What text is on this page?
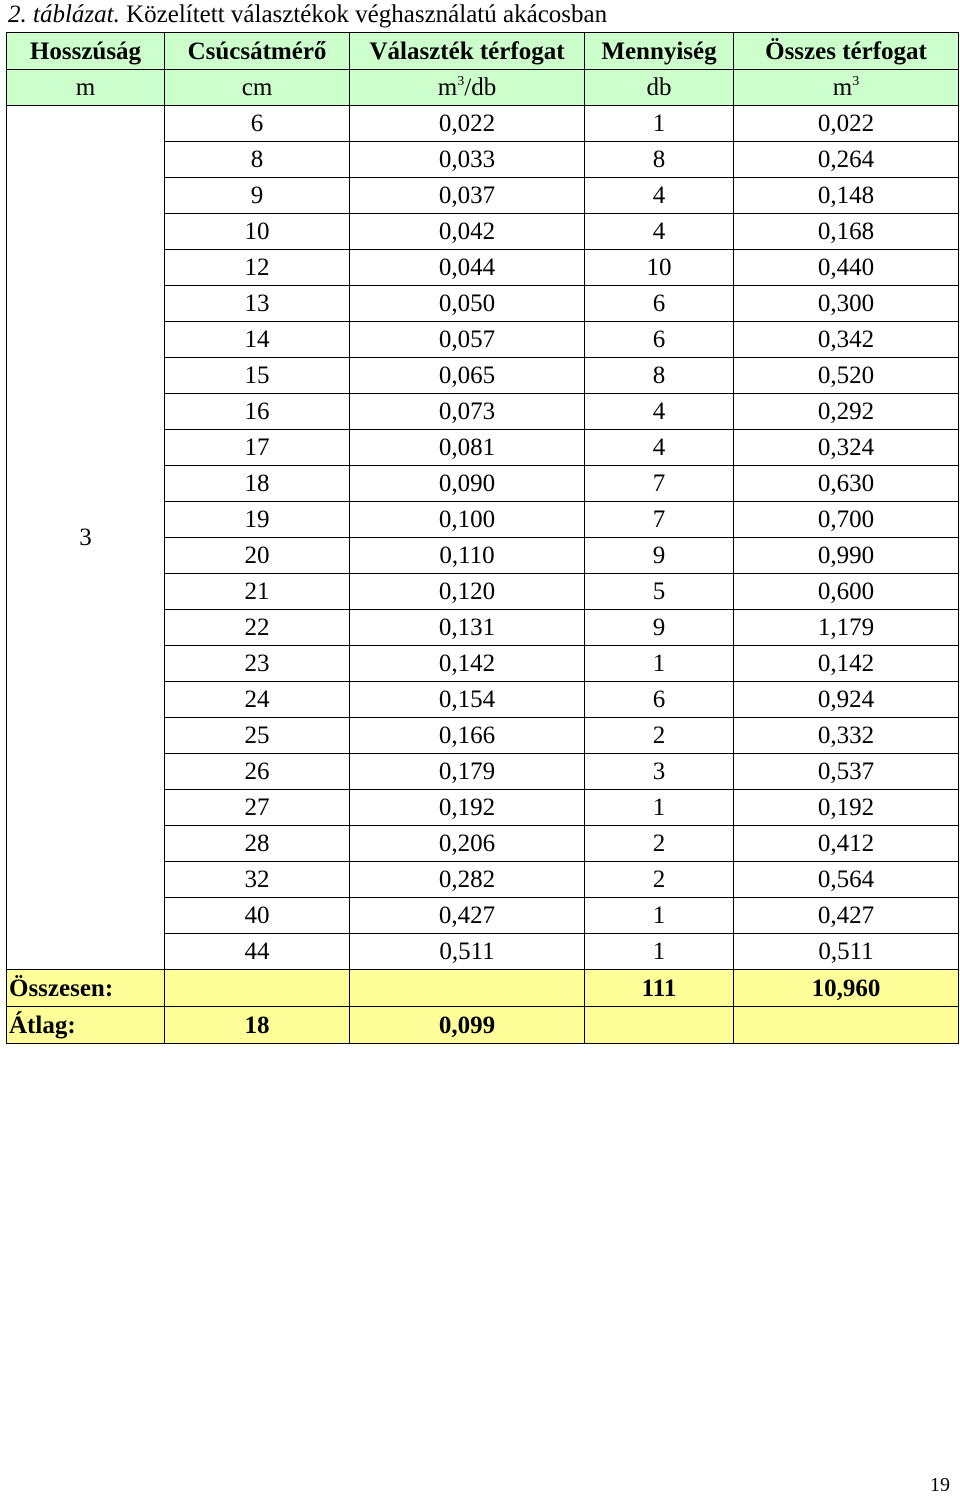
2. táblázat. Közelített választékok véghasználatú akácosban
Hosszúság	Csúcsátmérő	Választék térfogat	Mennyiség	Összes térfogat
m	cm	$m^3/db$	db	$m^3$
3	6	0,022	1	0,022
	8	0,033	8	0,264
	9	0,037	4	0,148
	10	0,042	4	0,168
	12	0,044	10	0,440
	13	0,050	6	0,300
	14	0,057	6	0,342
	15	0,065	8	0,520
	16	0,073	4	0,292
	17	0,081	4	0,324
	18	0,090	7	0,630
	19	0,100	7	0,700
	20	0,110	9	0,990
	21	0,120	5	0,600
	22	0,131	9	1,179
	23	0,142	1	0,142
	24	0,154	6	0,924
	25	0,166	2	0,332
	26	0,179	3	0,537
	27	0,192	1	0,192
	28	0,206	2	0,412
	32	0,282	2	0,564
	40	0,427	1	0,427
	44	0,511	1	0,511
Összesen:			111	10,960
Átlag:	18	0,099		
19
